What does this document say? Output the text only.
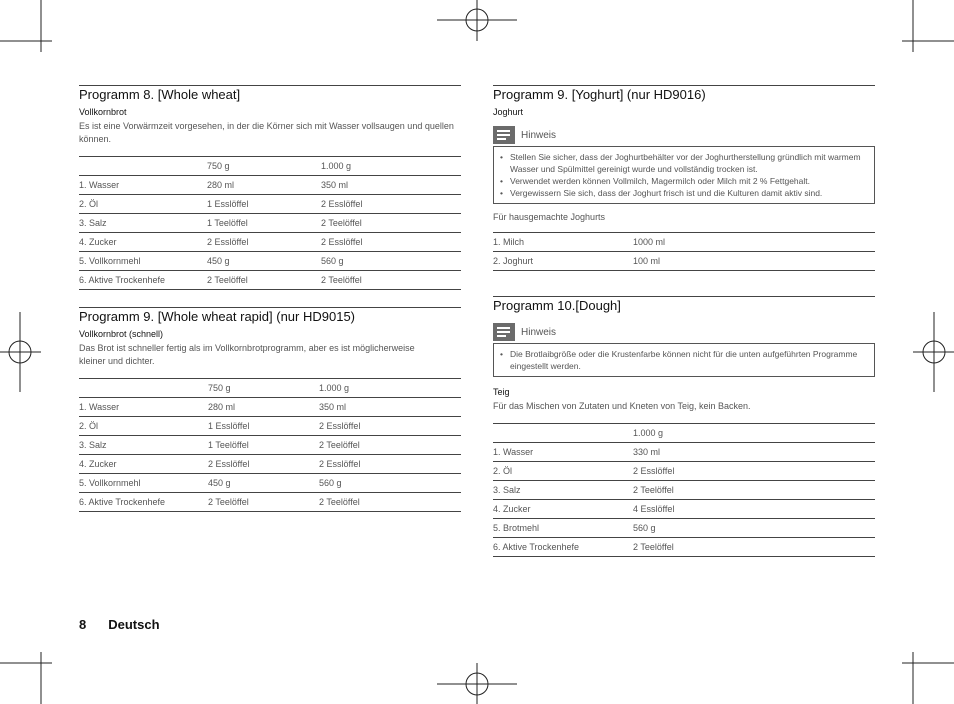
Programm 8. [Whole wheat]
Vollkornbrot
Es ist eine Vorwärmzeit vorgesehen, in der die Körner sich mit Wasser vollsaugen und quellen können.
	750 g	1.000 g
1. Wasser	280 ml	350 ml
2. Öl	1 Esslöffel	2 Esslöffel
3. Salz	1 Teelöffel	2 Teelöffel
4. Zucker	2 Esslöffel	2 Esslöffel
5. Vollkornmehl	450 g	560 g
6. Aktive Trockenhefe	2 Teelöffel	2 Teelöffel
Programm 9. [Whole wheat rapid] (nur HD9015)
Vollkornbrot (schnell)
Das Brot ist schneller fertig als im Vollkornbrotprogramm, aber es ist möglicherweise kleiner und dichter.
	750 g	1.000 g
1. Wasser	280 ml	350 ml
2. Öl	1 Esslöffel	2 Esslöffel
3. Salz	1 Teelöffel	2 Teelöffel
4. Zucker	2 Esslöffel	2 Esslöffel
5. Vollkornmehl	450 g	560 g
6. Aktive Trockenhefe	2 Teelöffel	2 Teelöffel
Programm 9. [Yoghurt] (nur HD9016)
Joghurt
Hinweis
• Stellen Sie sicher, dass der Joghurtbehälter vor der Joghurtherstellung gründlich mit warmem Wasser und Spülmittel gereinigt wurde und vollständig trocken ist.
• Verwendet werden können Vollmilch, Magermilch oder Milch mit 2 % Fettgehalt.
• Vergewissern Sie sich, dass der Joghurt frisch ist und die Kulturen damit aktiv sind.
Für hausgemachte Joghurts
1. Milch	1000 ml
2. Joghurt	100 ml
Programm 10.[Dough]
Hinweis
• Die Brotlaibgröße oder die Krustenfarbe können nicht für die unten aufgeführten Programme eingestellt werden.
Teig
Für das Mischen von Zutaten und Kneten von Teig, kein Backen.
	1.000 g
1. Wasser	330 ml
2. Öl	2 Esslöffel
3. Salz	2 Teelöffel
4. Zucker	4 Esslöffel
5. Brotmehl	560 g
6. Aktive Trockenhefe	2 Teelöffel
8 Deutsch
